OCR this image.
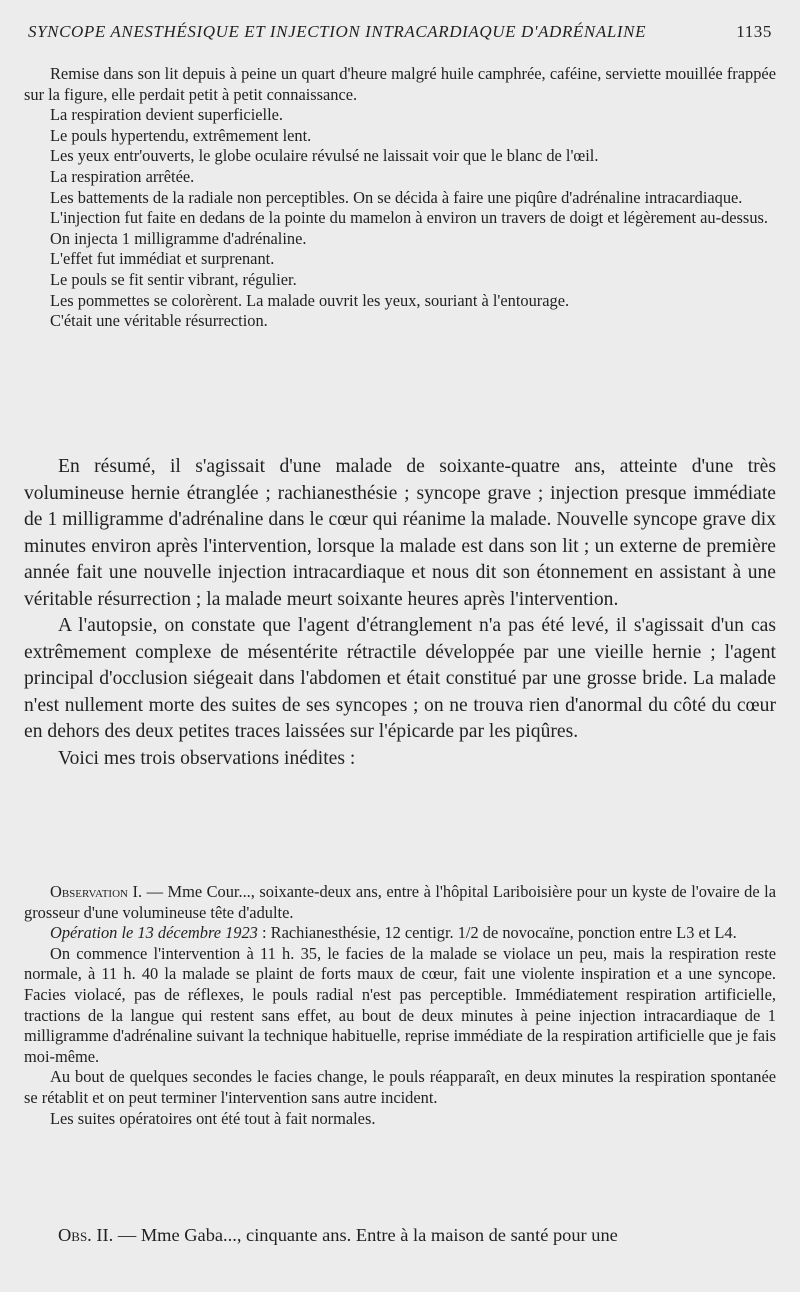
SYNCOPE ANESTHÉSIQUE ET INJECTION INTRACARDIAQUE D'ADRÉNALINE	1135

Remise dans son lit depuis à peine un quart d'heure malgré huile camphrée, caféine, serviette mouillée frappée sur la figure, elle perdait petit à petit connaissance.

La respiration devient superficielle.

Le pouls hypertendu, extrêmement lent.

Les yeux entr'ouverts, le globe oculaire révulsé ne laissait voir que le blanc de l'œil.

La respiration arrêtée.

Les battements de la radiale non perceptibles. On se décida à faire une piqûre d'adrénaline intracardiaque.

L'injection fut faite en dedans de la pointe du mamelon à environ un travers de doigt et légèrement au-dessus.

On injecta 1 milligramme d'adrénaline.

L'effet fut immédiat et surprenant.

Le pouls se fit sentir vibrant, régulier.

Les pommettes se colorèrent. La malade ouvrit les yeux, souriant à l'entourage.

C'était une véritable résurrection.

En résumé, il s'agissait d'une malade de soixante-quatre ans, atteinte d'une très volumineuse hernie étranglée ; rachianesthésie ; syncope grave ; injection presque immédiate de 1 milligramme d'adrénaline dans le cœur qui réanime la malade. Nouvelle syncope grave dix minutes environ après l'intervention, lorsque la malade est dans son lit ; un externe de première année fait une nouvelle injection intracardiaque et nous dit son étonnement en assistant à une véritable résurrection ; la malade meurt soixante heures après l'intervention.

A l'autopsie, on constate que l'agent d'étranglement n'a pas été levé, il s'agissait d'un cas extrêmement complexe de mésentérite rétractile développée par une vieille hernie ; l'agent principal d'occlusion siégeait dans l'abdomen et était constitué par une grosse bride. La malade n'est nullement morte des suites de ses syncopes ; on ne trouva rien d'anormal du côté du cœur en dehors des deux petites traces laissées sur l'épicarde par les piqûres.

Voici mes trois observations inédites :

Observation I. — Mme Cour..., soixante-deux ans, entre à l'hôpital Lariboisière pour un kyste de l'ovaire de la grosseur d'une volumineuse tête d'adulte.

Opération le 13 décembre 1923 : Rachianesthésie, 12 centigr. 1/2 de novocaïne, ponction entre L3 et L4.

On commence l'intervention à 11 h. 35, le facies de la malade se violace un peu, mais la respiration reste normale, à 11 h. 40 la malade se plaint de forts maux de cœur, fait une violente inspiration et a une syncope. Facies violacé, pas de réflexes, le pouls radial n'est pas perceptible. Immédiatement respiration artificielle, tractions de la langue qui restent sans effet, au bout de deux minutes à peine injection intracardiaque de 1 milligramme d'adrénaline suivant la technique habituelle, reprise immédiate de la respiration artificielle que je fais moi-même.

Au bout de quelques secondes le facies change, le pouls réapparaît, en deux minutes la respiration spontanée se rétablit et on peut terminer l'intervention sans autre incident.

Les suites opératoires ont été tout à fait normales.

Obs. II. — Mme Gaba..., cinquante ans. Entre à la maison de santé pour une
